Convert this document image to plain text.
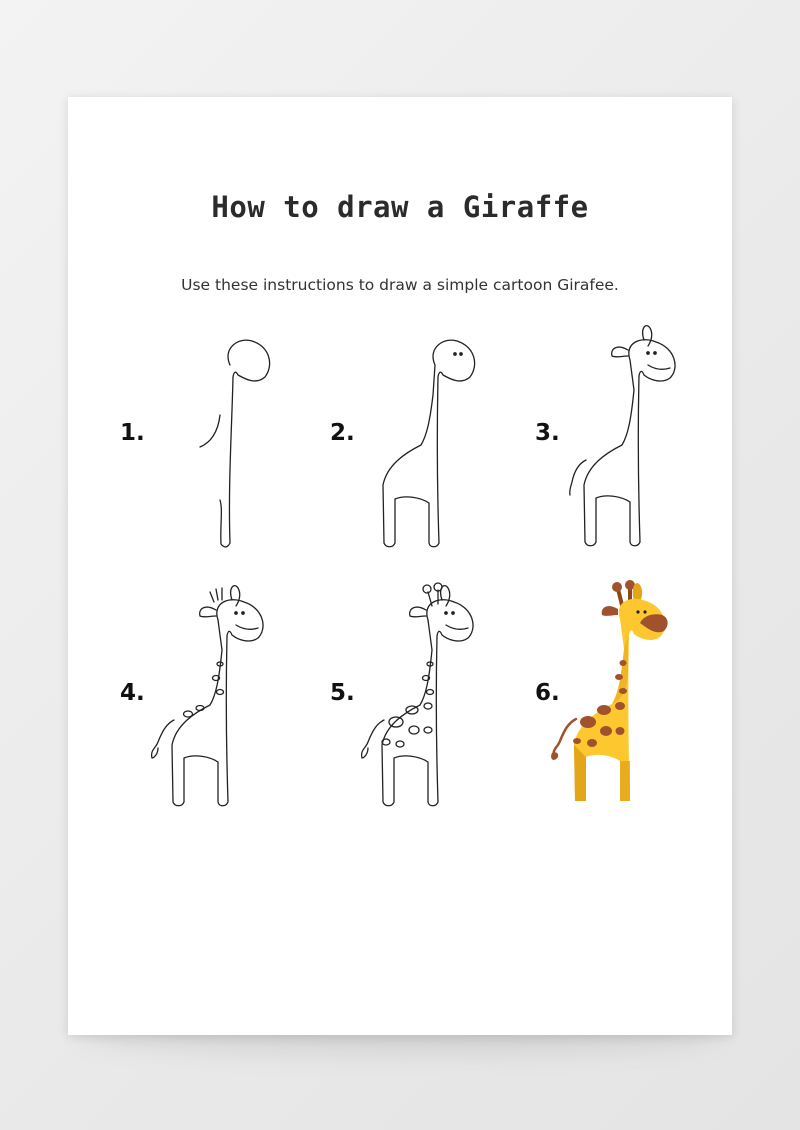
How to draw a Giraffe
Use these instructions to draw a simple cartoon Girafee.
1.	2.	3.
4.	5.	6.
